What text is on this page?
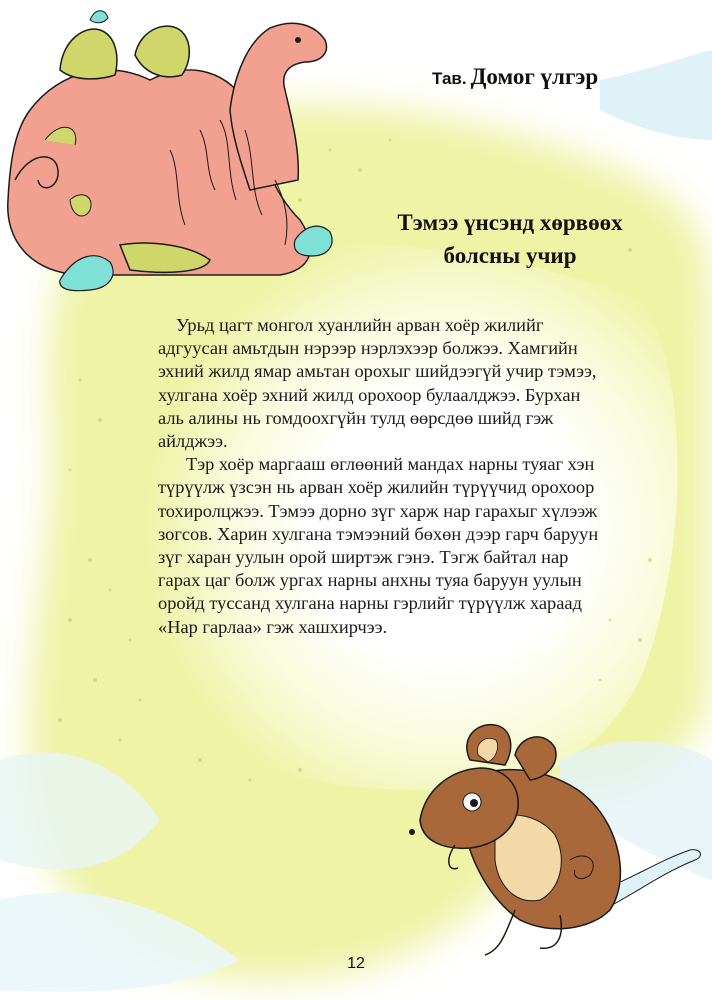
Тав. Домог үлгэр
Тэмээ үнсэнд хөрвөөх
болсны учир
Урьд цагт монгол хуанлийн арван хоёр жилийг
адгуусан амьтдын нэрээр нэрлэхээр болжээ. Хамгийн
эхний жилд ямар амьтан орохыг шийдээгүй учир тэмээ,
хулгана хоёр эхний жилд орохоор булаалджээ. Бурхан
аль алины нь гомдоохгүйн тулд өөрсдөө шийд гэж
айлджээ.
Тэр хоёр маргааш өглөөний мандах нарны туяаг хэн
түрүүлж үзсэн нь арван хоёр жилийн түрүүчид орохоор
тохиролцжээ. Тэмээ дорно зүг харж нар гарахыг хүлээж
зогсов. Харин хулгана тэмээний бөхөн дээр гарч баруун
зүг харан уулын орой ширтэж гэнэ. Тэгж байтал нар
гарах цаг болж ургах нарны анхны туяа баруун уулын
оройд туссанд хулгана нарны гэрлийг түрүүлж хараад
«Нар гарлаа» гэж хашхирчээ.
12
